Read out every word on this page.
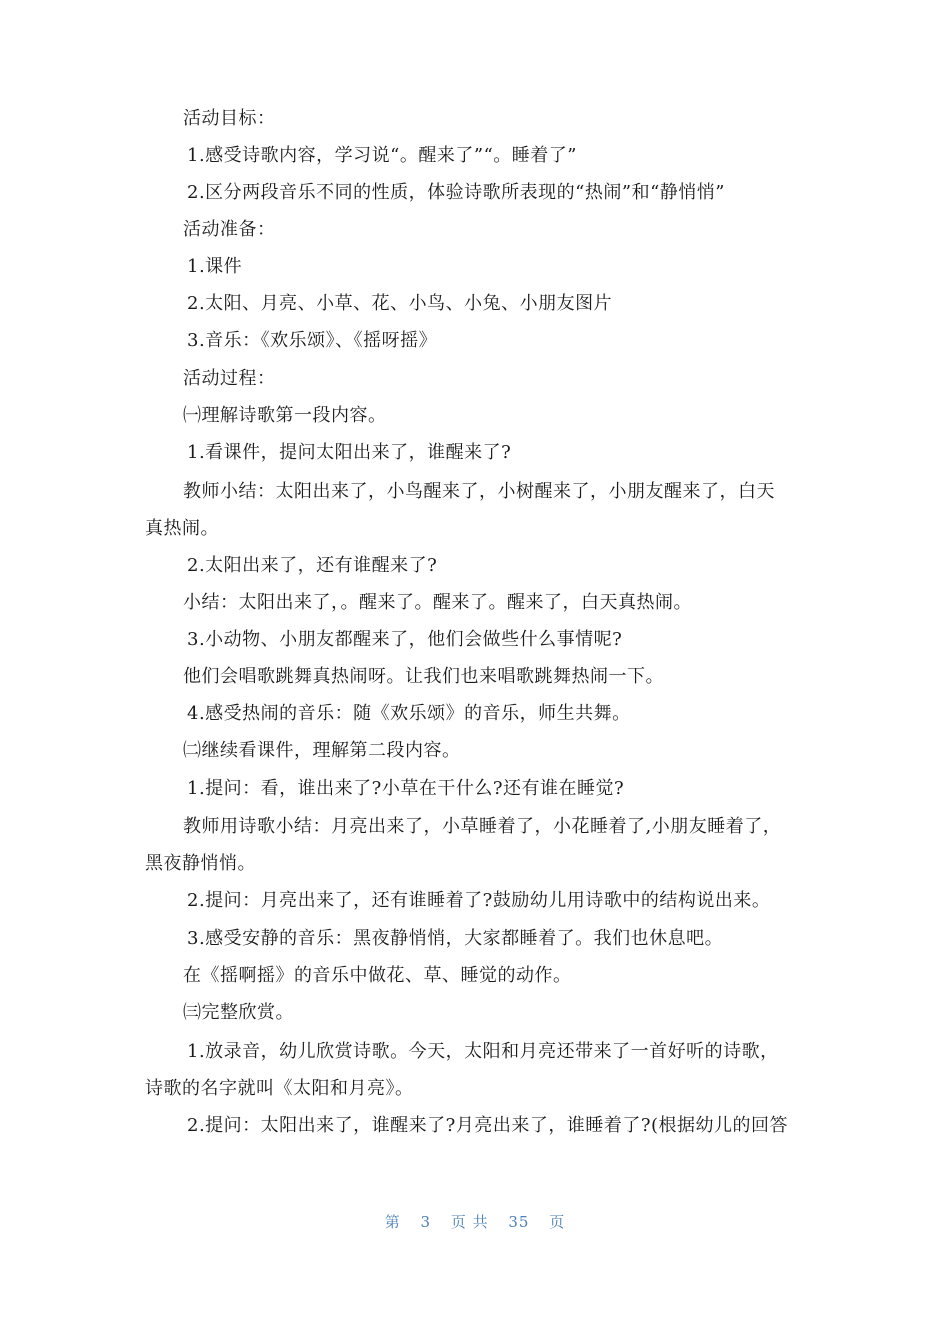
活动目标：
1.感受诗歌内容，学习说“。醒来了”“。睡着了”
2.区分两段音乐不同的性质，体验诗歌所表现的“热闹”和“静悄悄”
活动准备：
1.课件
2.太阳、月亮、小草、花、小鸟、小兔、小朋友图片
3.音乐：《欢乐颂》、《摇呀摇》
活动过程：
㈠理解诗歌第一段内容。
1.看课件，提问太阳出来了，谁醒来了?
教师小结：太阳出来了，小鸟醒来了，小树醒来了，小朋友醒来了，白天
真热闹。
2.太阳出来了，还有谁醒来了?
小结：太阳出来了，。醒来了。醒来了。醒来了，白天真热闹。
3.小动物、小朋友都醒来了，他们会做些什么事情呢?
他们会唱歌跳舞真热闹呀。让我们也来唱歌跳舞热闹一下。
4.感受热闹的音乐：随《欢乐颂》的音乐，师生共舞。
㈡继续看课件，理解第二段内容。
1.提问：看，谁出来了?小草在干什么?还有谁在睡觉?
教师用诗歌小结：月亮出来了，小草睡着了，小花睡着了,小朋友睡着了，
黑夜静悄悄。
2.提问：月亮出来了，还有谁睡着了?鼓励幼儿用诗歌中的结构说出来。
3.感受安静的音乐：黑夜静悄悄，大家都睡着了。我们也休息吧。
在《摇啊摇》的音乐中做花、草、睡觉的动作。
㈢完整欣赏。
1.放录音，幼儿欣赏诗歌。今天，太阳和月亮还带来了一首好听的诗歌，
诗歌的名字就叫《太阳和月亮》。
2.提问：太阳出来了，谁醒来了?月亮出来了，谁睡着了?(根据幼儿的回答
第 3 页 共 35 页
